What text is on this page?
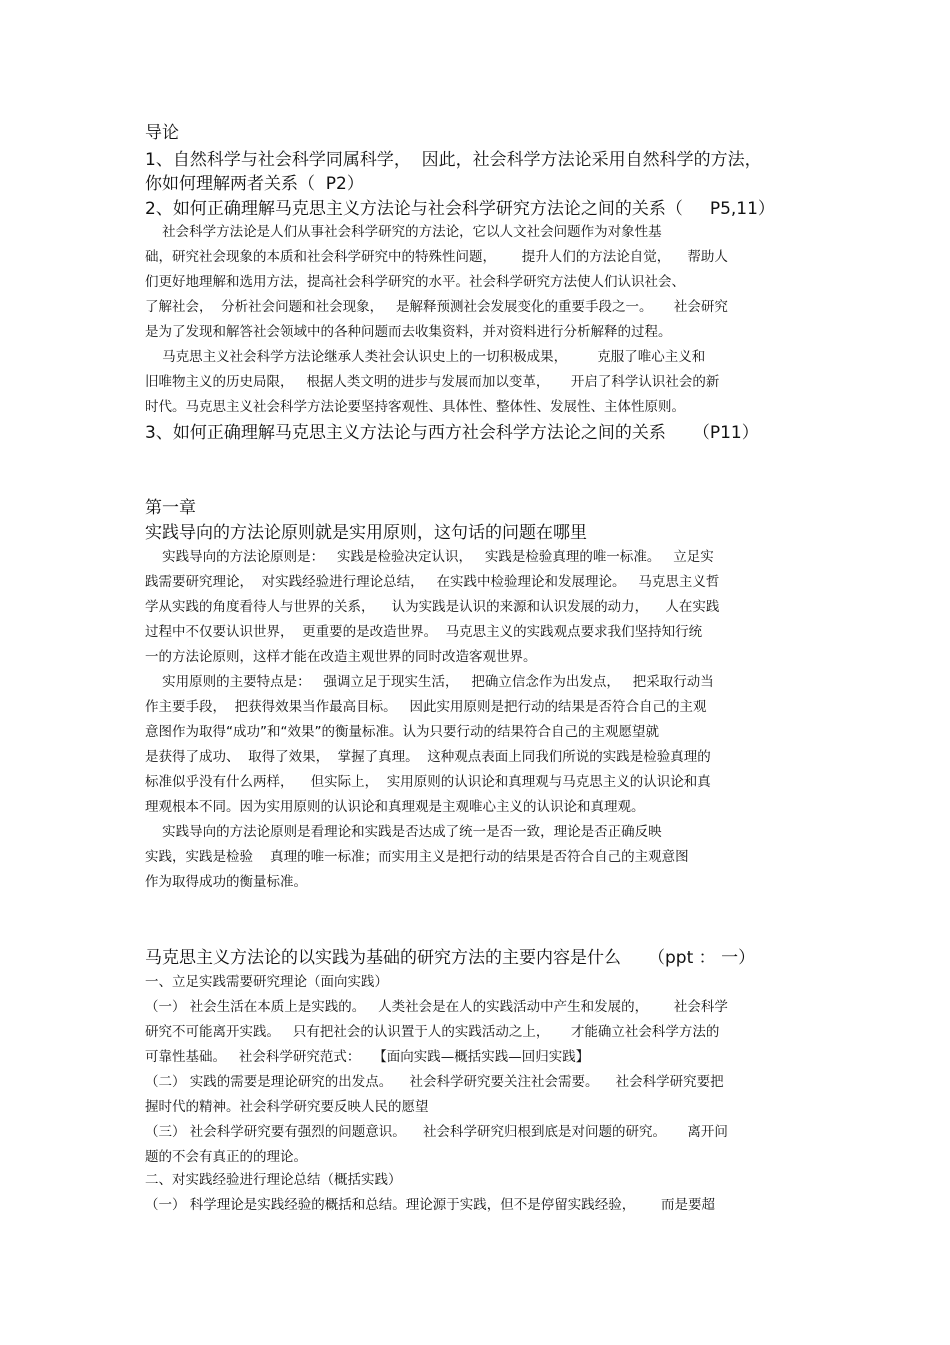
导论
1、自然科学与社会科学同属科学，  因此，社会科学方法论采用自然科学的方法，
你如何理解两者关系（  P2）
2、如何正确理解马克思主义方法论与社会科学研究方法论之间的关系（     P5,11）
社会科学方法论是人们从事社会科学研究的方法论，它以人文社会问题作为对象性基
础，研究社会现象的本质和社会科学研究中的特殊性问题，      提升人们的方法论自觉，    帮助人
们更好地理解和选用方法，提高社会科学研究的水平。社会科学研究方法使人们认识社会、
了解社会，  分析社会问题和社会现象，   是解释预测社会发展变化的重要手段之一。     社会研究
是为了发现和解答社会领域中的各种问题而去收集资料，并对资料进行分析解释的过程。
马克思主义社会科学方法论继承人类社会认识史上的一切积极成果，       克服了唯心主义和
旧唯物主义的历史局限，   根据人类文明的进步与发展而加以变革，     开启了科学认识社会的新
时代。马克思主义社会科学方法论要坚持客观性、具体性、整体性、发展性、主体性原则。
3、如何正确理解马克思主义方法论与西方社会科学方法论之间的关系     （P11）
第一章
实践导向的方法论原则就是实用原则，这句话的问题在哪里
实践导向的方法论原则是：   实践是检验决定认识，   实践是检验真理的唯一标准。   立足实
践需要研究理论，  对实践经验进行理论总结，   在实践中检验理论和发展理论。   马克思主义哲
学从实践的角度看待人与世界的关系，    认为实践是认识的来源和认识发展的动力，    人在实践
过程中不仅要认识世界，  更重要的是改造世界。  马克思主义的实践观点要求我们坚持知行统
一的方法论原则，这样才能在改造主观世界的同时改造客观世界。
实用原则的主要特点是：   强调立足于现实生活，   把确立信念作为出发点，   把采取行动当
作主要手段，  把获得效果当作最高目标。   因此实用原则是把行动的结果是否符合自己的主观
意图作为取得“成功”和“效果”的衡量标准。认为只要行动的结果符合自己的主观愿望就
是获得了成功、  取得了效果，  掌握了真理。  这种观点表面上同我们所说的实践是检验真理的
标准似乎没有什么两样，    但实际上，  实用原则的认识论和真理观与马克思主义的认识论和真
理观根本不同。因为实用原则的认识论和真理观是主观唯心主义的认识论和真理观。
实践导向的方法论原则是看理论和实践是否达成了统一是否一致，理论是否正确反映
实践，实践是检验    真理的唯一标准；而实用主义是把行动的结果是否符合自己的主观意图
作为取得成功的衡量标准。
马克思主义方法论的以实践为基础的研究方法的主要内容是什么     （ppt ： 一）
一、立足实践需要研究理论（面向实践）
（一） 社会生活在本质上是实践的。   人类社会是在人的实践活动中产生和发展的，      社会科学
研究不可能离开实践。   只有把社会的认识置于人的实践活动之上，     才能确立社会科学方法的
可靠性基础。   社会科学研究范式：   【面向实践—概括实践—回归实践】
（二） 实践的需要是理论研究的出发点。    社会科学研究要关注社会需要。    社会科学研究要把
握时代的精神。社会科学研究要反映人民的愿望
（三） 社会科学研究要有强烈的问题意识。    社会科学研究归根到底是对问题的研究。     离开问
题的不会有真正的的理论。
二、对实践经验进行理论总结（概括实践）
（一） 科学理论是实践经验的概括和总结。理论源于实践，但不是停留实践经验，      而是要超
